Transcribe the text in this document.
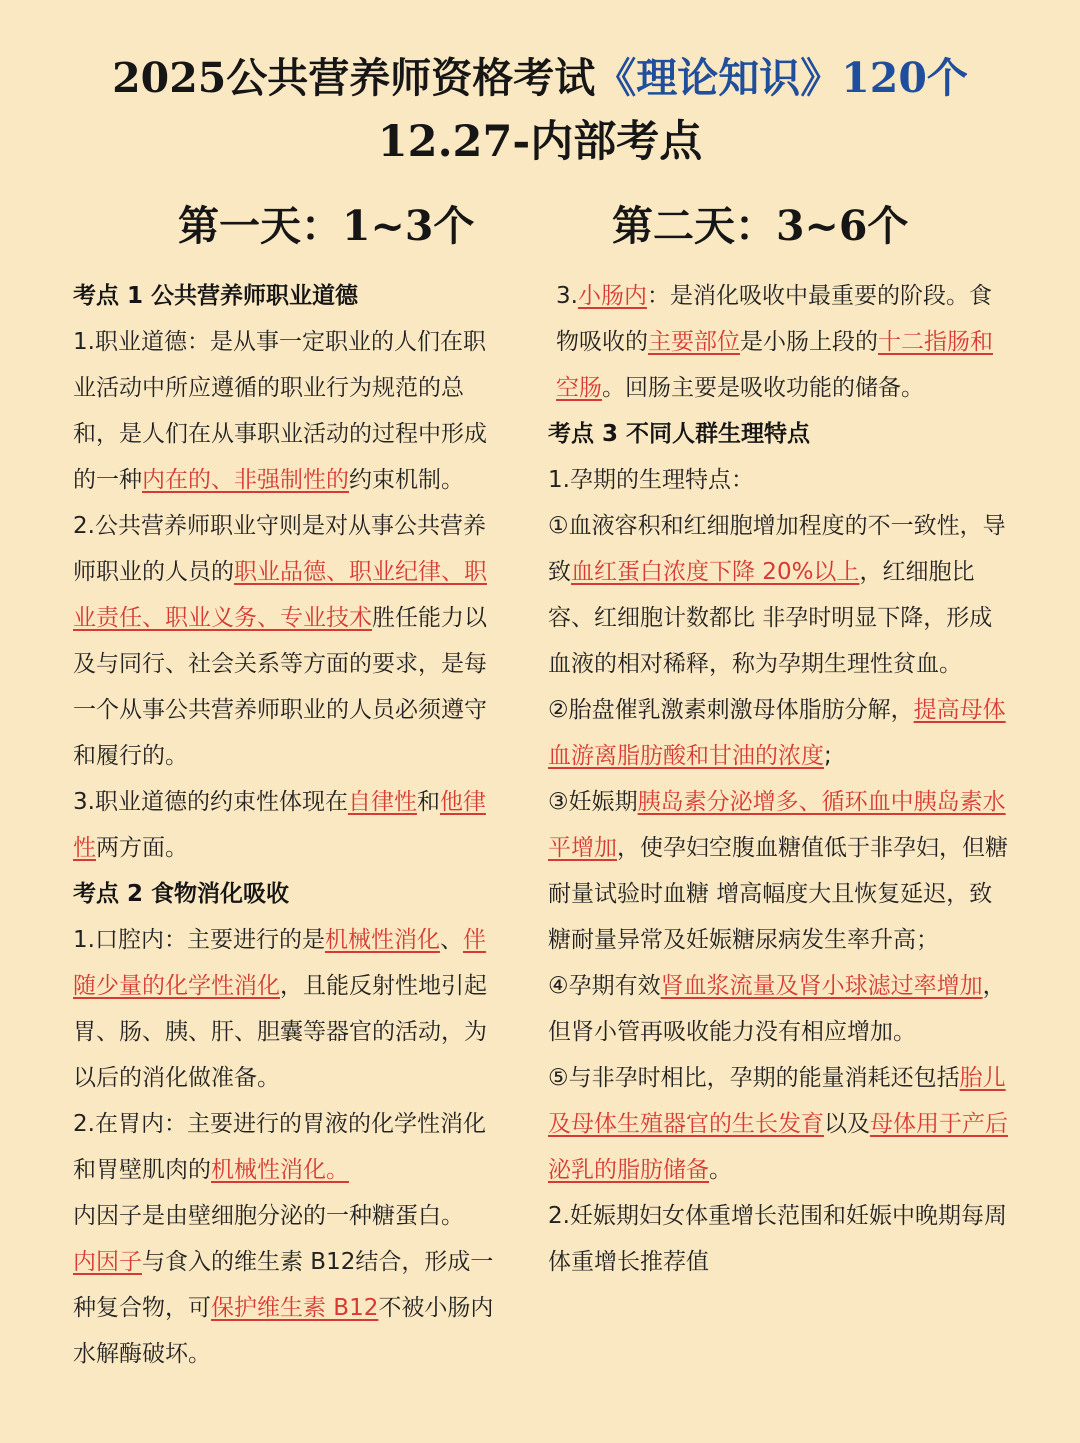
2025公共营养师资格考试《理论知识》120个
12.27-内部考点
第一天：1~3个	第二天：3~6个

考点 1 公共营养师职业道德

1.职业道德：是从事一定职业的人们在职业活动中所应遵循的职业行为规范的总和，是人们在从事职业活动的过程中形成的一种内在的、非强制性的约束机制。

2.公共营养师职业守则是对从事公共营养师职业的人员的职业品德、职业纪律、职业责任、职业义务、专业技术胜任能力以及与同行、社会关系等方面的要求，是每一个从事公共营养师职业的人员必须遵守和履行的。

3.职业道德的约束性体现在自律性和他律性两方面。

考点 2 食物消化吸收

1.口腔内：主要进行的是机械性消化、伴随少量的化学性消化，且能反射性地引起胃、肠、胰、肝、胆囊等器官的活动，为以后的消化做准备。

2.在胃内：主要进行的胃液的化学性消化和胃壁肌肉的机械性消化。

内因子是由壁细胞分泌的一种糖蛋白。

内因子与食入的维生素 B12结合，形成一种复合物，可保护维生素 B12不被小肠内水解酶破坏。

3.小肠内：是消化吸收中最重要的阶段。食物吸收的主要部位是小肠上段的十二指肠和空肠。回肠主要是吸收功能的储备。

考点 3 不同人群生理特点

1.孕期的生理特点：

①血液容积和红细胞增加程度的不一致性，导致血红蛋白浓度下降 20%以上，红细胞比容、红细胞计数都比 非孕时明显下降，形成血液的相对稀释，称为孕期生理性贫血。

②胎盘催乳激素刺激母体脂肪分解，提高母体血游离脂肪酸和甘油的浓度;

③妊娠期胰岛素分泌增多、循环血中胰岛素水平增加，使孕妇空腹血糖值低于非孕妇，但糖耐量试验时血糖 增高幅度大且恢复延迟，致糖耐量异常及妊娠糖尿病发生率升高；

④孕期有效肾血浆流量及肾小球滤过率增加，但肾小管再吸收能力没有相应增加。

⑤与非孕时相比，孕期的能量消耗还包括胎儿及母体生殖器官的生长发育以及母体用于产后泌乳的脂肪储备。

2.妊娠期妇女体重增长范围和妊娠中晚期每周体重增长推荐值
